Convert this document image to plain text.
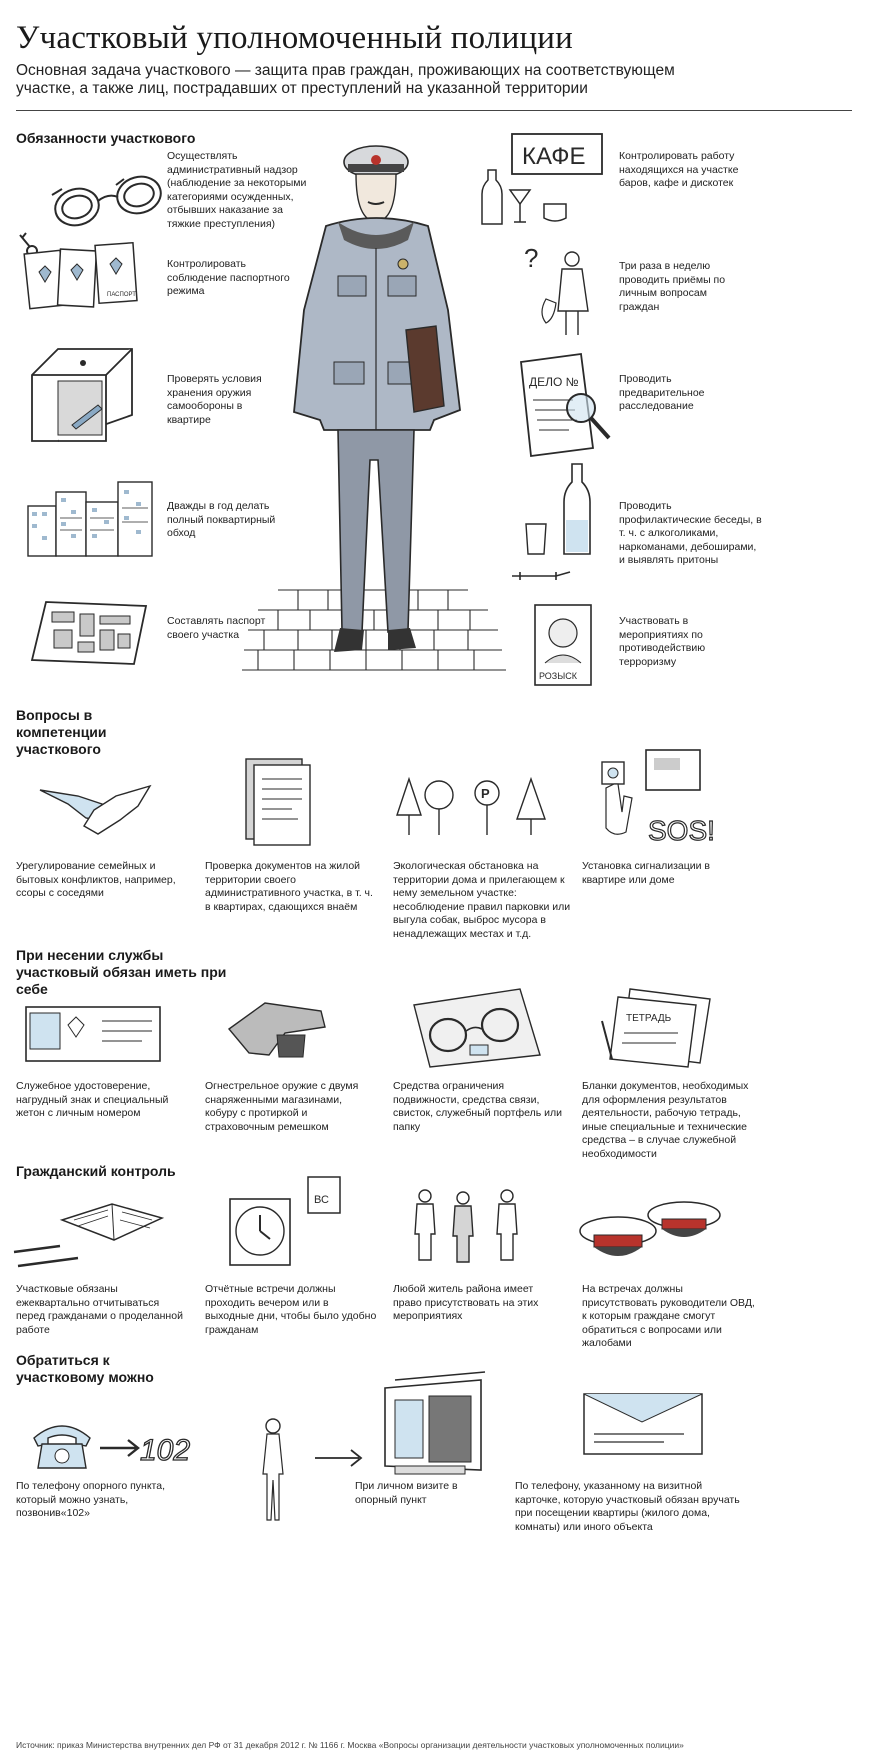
Участковый уполномоченный полиции

Основная задача участкового — защита прав граждан, проживающих на соответствующем участке, а также лиц, пострадавших от преступлений на указанной территории

Обязанности участкового

Осуществлять административный надзор (наблюдение за некоторыми категориями осужденных, отбывших наказание за тяжкие преступления)

ПАСПОРТ

Контролировать соблюдение паспортного режима

Проверять условия хранения оружия самообороны в квартире

Дважды в год делать полный поквартирный обход

Составлять паспорт своего участка

КАФЕ	Контролировать работу находящихся на участке баров, кафе и дискотек

?	Три раза в неделю проводить приёмы по личным вопросам граждан

ДЕЛО №	Проводить предварительное расследование

Проводить профилактические беседы, в т. ч. с алкоголиками, наркоманами, дебоширами, и выявлять притоны

РОЗЫСК

Участвовать в мероприятиях по противодействию терроризму

Вопросы в компетенции участкового

Урегулирование семейных и бытовых конфликтов, например, ссоры с соседями

Проверка документов на жилой территории своего административного участка, в т. ч. в квартирах, сдающихся внаём

P

Экологическая обстановка на территории дома и прилегающем к нему земельном участке: несоблюдение правил парковки или выгула собак, выброс мусора в ненадлежащих местах и т.д.

SOS!

Установка сигнализации в квартире или доме

При несении службы участковый обязан иметь при себе

Служебное удостоверение, нагрудный знак и специальный жетон с личным номером

Огнестрельное оружие с двумя снаряженными магазинами, кобуру с протиркой и страховочным ремешком

Средства ограничения подвижности, средства связи, свисток, служебный портфель или папку

ТЕТРАДЬ

Бланки документов, необходимых для оформления результатов деятельности, рабочую тетрадь, иные специальные и технические средства – в случае служебной необходимости

Гражданский контроль

Участковые обязаны ежеквартально отчитываться перед гражданами о проделанной работе

ВС

Отчётные встречи должны проходить вечером или в выходные дни, чтобы было удобно гражданам

Любой житель района имеет право присутствовать на этих мероприятиях

На встречах должны присутствовать руководители ОВД, к которым граждане смогут обратиться с вопросами или жалобами

Обратиться к участковому можно
102

По телефону опорного пункта, который можно узнать, позвонив«102»

При личном визите в опорный пункт

По телефону, указанному на визитной карточке, которую участковый обязан вручать при посещении квартиры (жилого дома, комнаты) или иного объекта

Источник: приказ Министерства внутренних дел РФ от 31 декабря 2012 г. № 1166 г. Москва «Вопросы организации деятельности участковых уполномоченных полиции»
